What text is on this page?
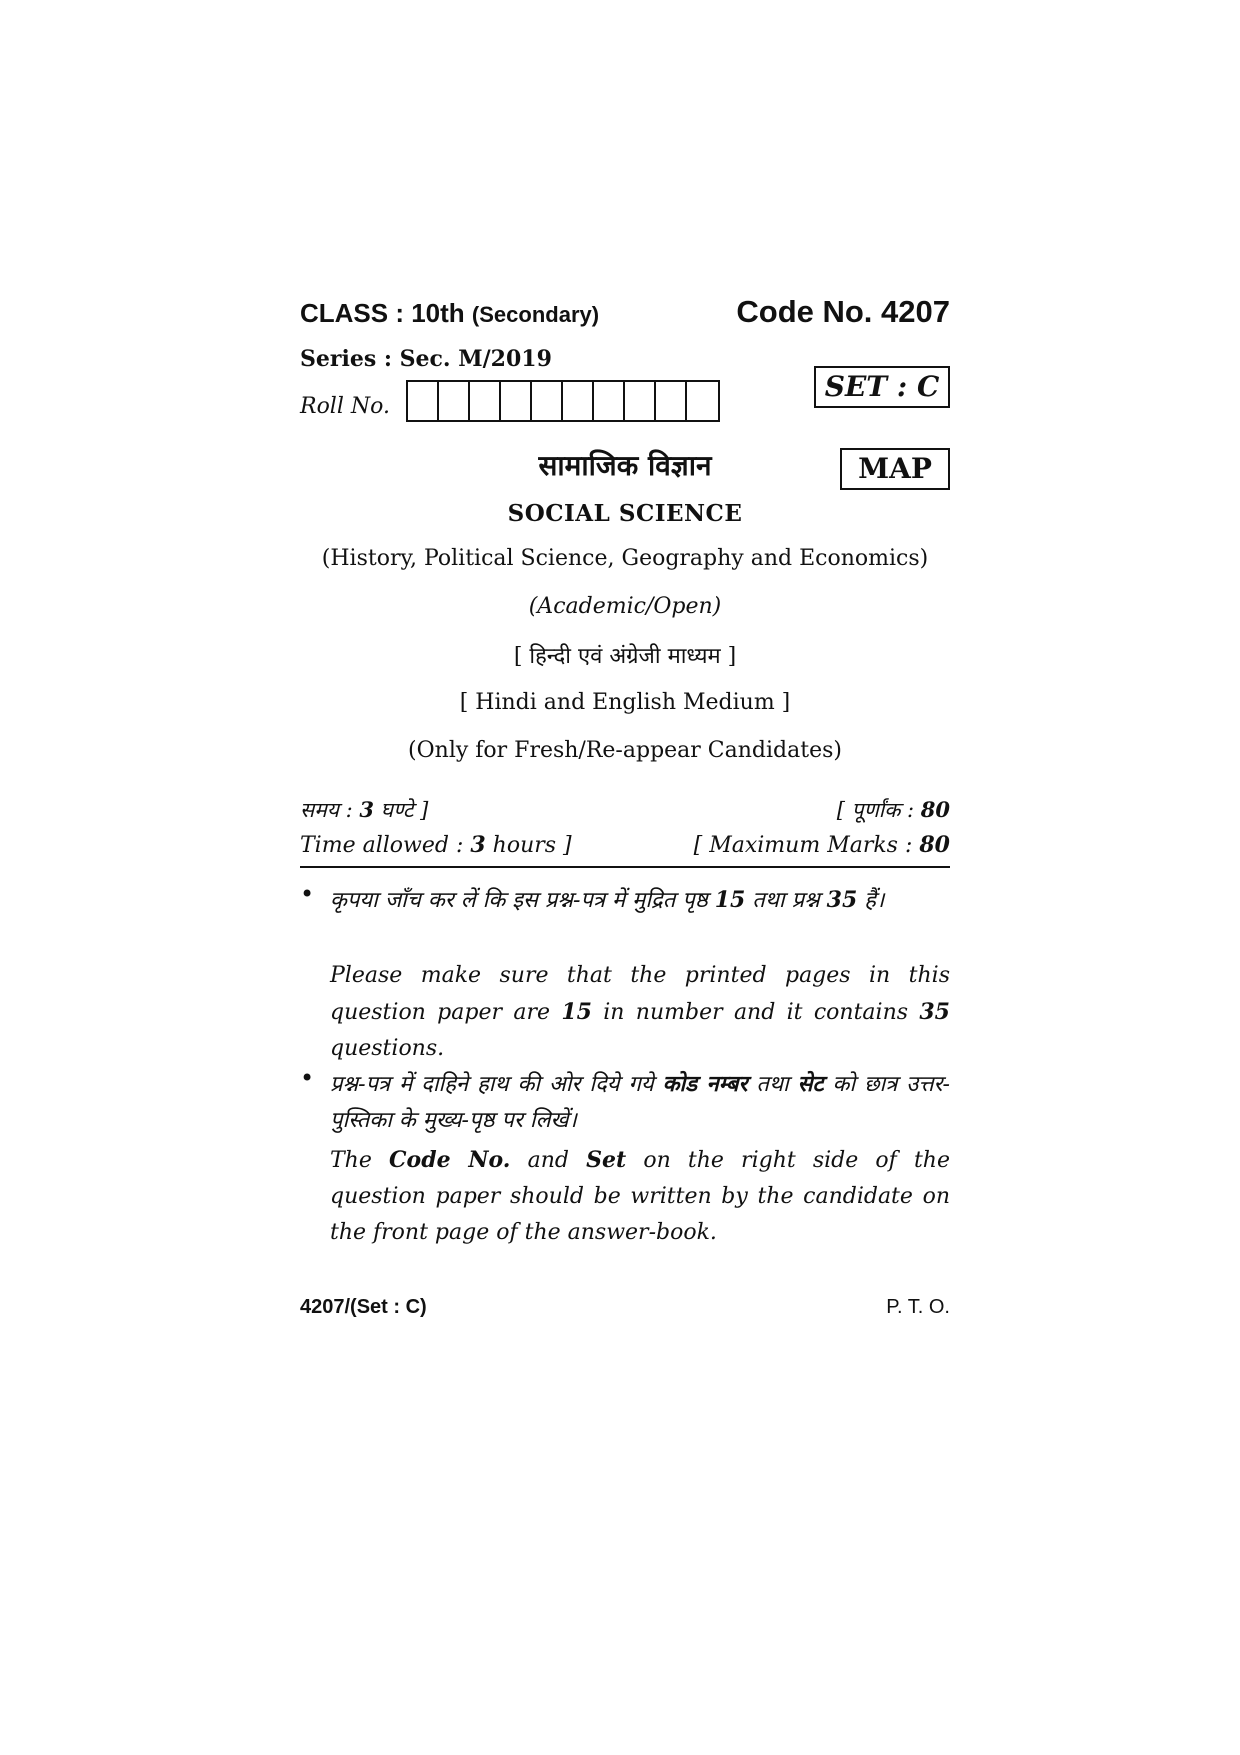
CLASS : 10th (Secondary)	Code No. 4207
Series : Sec. M/2019
Roll No.
SET : C
MAP
सामाजिक विज्ञान
SOCIAL SCIENCE
(History, Political Science, Geography and Economics)
(Academic/Open)
[ हिन्दी एवं अंग्रेजी माध्यम ]
[ Hindi and English Medium ]
(Only for Fresh/Re-appear Candidates)
समय : 3 घण्टे ]	[ पूर्णांक : 80
Time allowed : 3 hours ]	[ Maximum Marks : 80
• कृपया जाँच कर लें कि इस प्रश्न-पत्र में मुद्रित पृष्ठ 15 तथा प्रश्न 35 हैं।
Please make sure that the printed pages in this question paper are 15 in number and it contains 35 questions.
• प्रश्न-पत्र में दाहिने हाथ की ओर दिये गये कोड नम्बर तथा सेट को छात्र उत्तर-पुस्तिका के मुख्य-पृष्ठ पर लिखें।
The Code No. and Set on the right side of the question paper should be written by the candidate on the front page of the answer-book.
4207/(Set : C)	P. T. O.
